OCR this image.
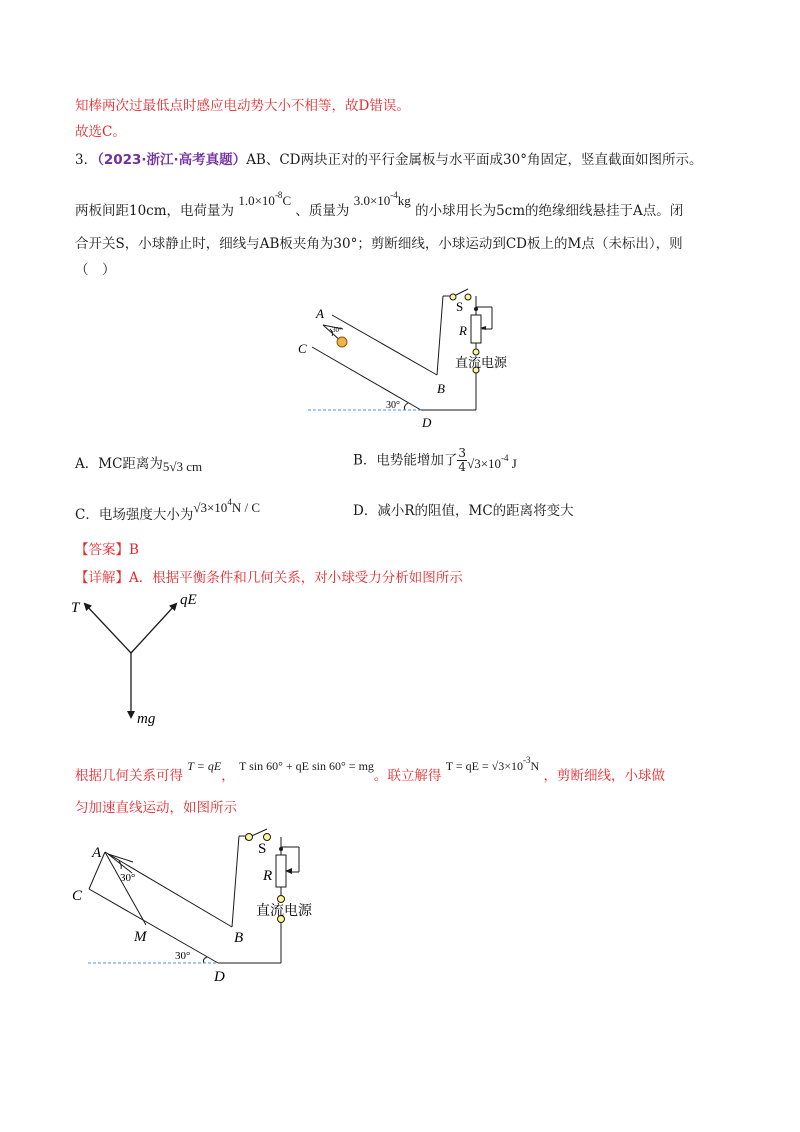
知棒两次过最低点时感应电动势大小不相等，故D错误。
故选C。
3．（2023·浙江·高考真题）AB、CD两块正对的平行金属板与水平面成30°角固定，竖直截面如图所示。
两板间距10cm，电荷量为 $1.0\times 10^{-8}C$ 、质量为 $3.0\times 10^{-4}kg$ 的小球用长为5cm的绝缘细线悬挂于A点。闭
合开关S，小球静止时，细线与AB板夹角为30°；剪断细线，小球运动到CD板上的M点（未标出），则
（　）
A
30°
C
B
D
30°
S
R
直流电源
A．MC距离为5√3 cm	B．电势能增加了 $\frac{3}{4} √3\times 10^{-4}$ J
C．电场强度大小为$√3\times 10^4N / C$	D．减小R的阻值，MC的距离将变大
【答案】B
【详解】A．根据平衡条件和几何关系，对小球受力分析如图所示
T	qE
mg
根据几何关系可得 T = qE， T sin 60° + qE sin 60° = mg。联立解得 T = qE = $√3\times 10^{-3}N$ ，剪断细线，小球做
匀加速直线运动，如图所示
A
30°
C
M	B
D
30°
S
R
直流电源
